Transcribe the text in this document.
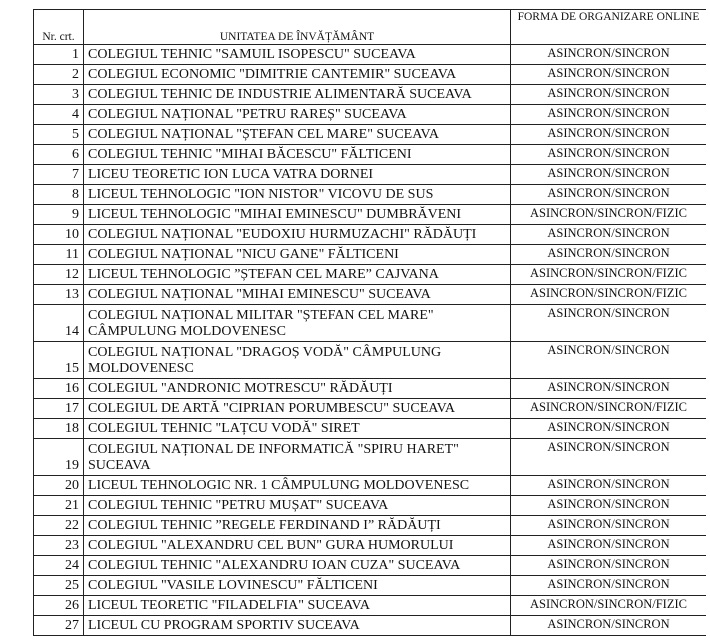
Nr. crt.	UNITATEA DE ÎNVĂȚĂMÂNT	FORMA DE ORGANIZARE ONLINE
1	COLEGIUL TEHNIC "SAMUIL ISOPESCU" SUCEAVA	ASINCRON/SINCRON
2	COLEGIUL ECONOMIC "DIMITRIE CANTEMIR" SUCEAVA	ASINCRON/SINCRON
3	COLEGIUL TEHNIC DE INDUSTRIE ALIMENTARĂ SUCEAVA	ASINCRON/SINCRON
4	COLEGIUL NAȚIONAL "PETRU RAREȘ" SUCEAVA	ASINCRON/SINCRON
5	COLEGIUL NAȚIONAL "ȘTEFAN CEL MARE" SUCEAVA	ASINCRON/SINCRON
6	COLEGIUL TEHNIC "MIHAI BĂCESCU" FĂLTICENI	ASINCRON/SINCRON
7	LICEU TEORETIC ION LUCA VATRA DORNEI	ASINCRON/SINCRON
8	LICEUL TEHNOLOGIC "ION NISTOR" VICOVU DE SUS	ASINCRON/SINCRON
9	LICEUL TEHNOLOGIC "MIHAI EMINESCU" DUMBRĂVENI	ASINCRON/SINCRON/FIZIC
10	COLEGIUL NAȚIONAL "EUDOXIU HURMUZACHI" RĂDĂUȚI	ASINCRON/SINCRON
11	COLEGIUL NAȚIONAL "NICU GANE" FĂLTICENI	ASINCRON/SINCRON
12	LICEUL TEHNOLOGIC ”ȘTEFAN CEL MARE” CAJVANA	ASINCRON/SINCRON/FIZIC
13	COLEGIUL NAȚIONAL "MIHAI EMINESCU" SUCEAVA	ASINCRON/SINCRON/FIZIC
14	COLEGIUL NAȚIONAL MILITAR "ȘTEFAN CEL MARE" CÂMPULUNG MOLDOVENESC	ASINCRON/SINCRON
15	COLEGIUL NAȚIONAL "DRAGOȘ VODĂ" CÂMPULUNG MOLDOVENESC	ASINCRON/SINCRON
16	COLEGIUL "ANDRONIC MOTRESCU" RĂDĂUȚI	ASINCRON/SINCRON
17	COLEGIUL DE ARTĂ "CIPRIAN PORUMBESCU" SUCEAVA	ASINCRON/SINCRON/FIZIC
18	COLEGIUL TEHNIC "LAȚCU VODĂ" SIRET	ASINCRON/SINCRON
19	COLEGIUL NAȚIONAL DE INFORMATICĂ "SPIRU HARET" SUCEAVA	ASINCRON/SINCRON
20	LICEUL TEHNOLOGIC NR. 1 CÂMPULUNG MOLDOVENESC	ASINCRON/SINCRON
21	COLEGIUL TEHNIC "PETRU MUȘAT" SUCEAVA	ASINCRON/SINCRON
22	COLEGIUL TEHNIC ”REGELE FERDINAND I” RĂDĂUȚI	ASINCRON/SINCRON
23	COLEGIUL "ALEXANDRU CEL BUN" GURA HUMORULUI	ASINCRON/SINCRON
24	COLEGIUL TEHNIC "ALEXANDRU IOAN CUZA" SUCEAVA	ASINCRON/SINCRON
25	COLEGIUL "VASILE LOVINESCU" FĂLTICENI	ASINCRON/SINCRON
26	LICEUL TEORETIC "FILADELFIA" SUCEAVA	ASINCRON/SINCRON/FIZIC
27	LICEUL CU PROGRAM SPORTIV SUCEAVA	ASINCRON/SINCRON
